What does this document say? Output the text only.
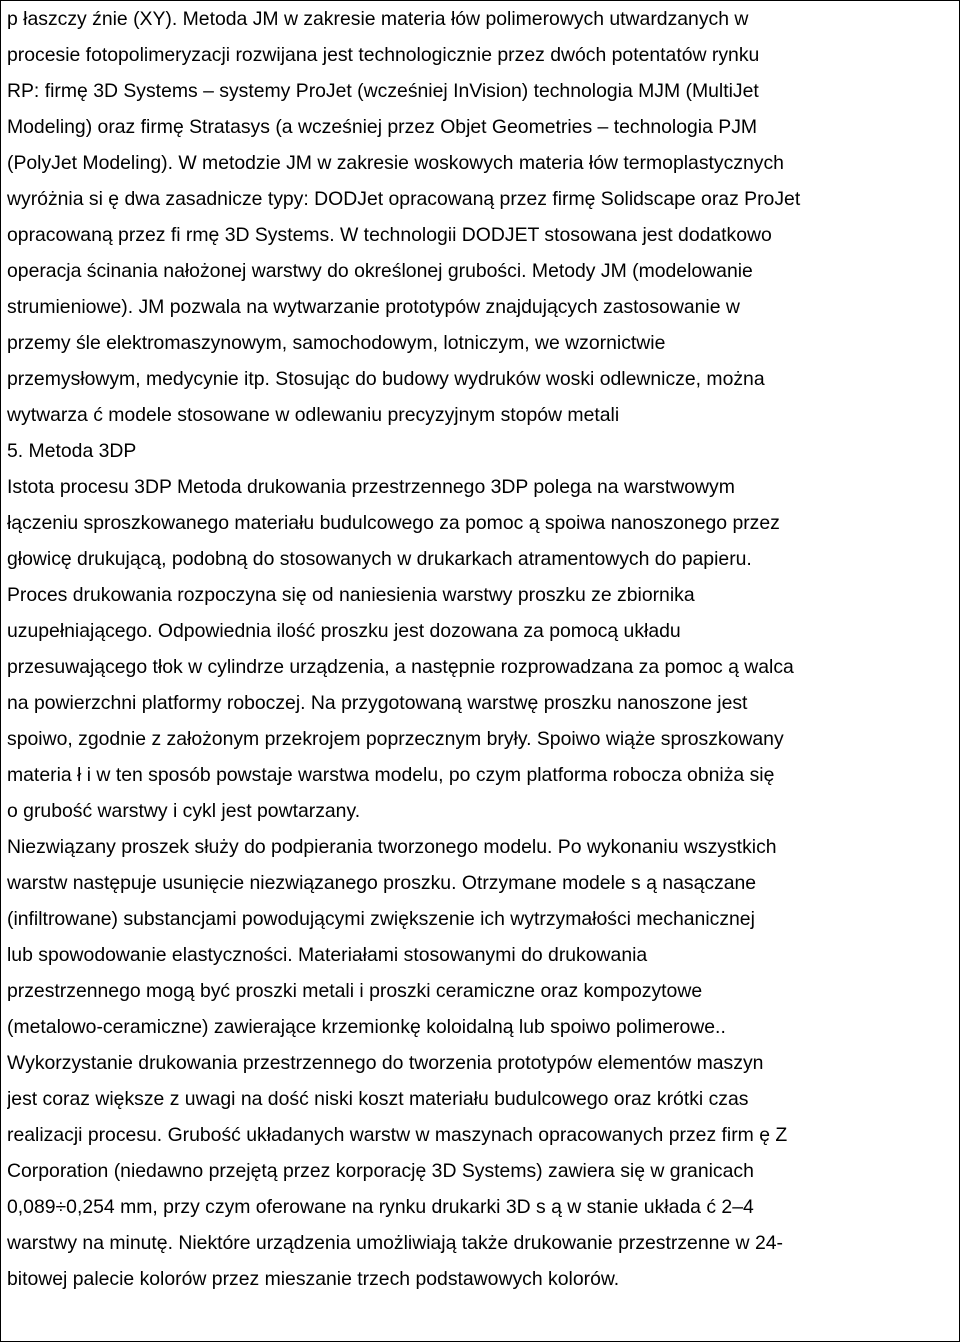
p łaszczy źnie (XY). Metoda JM w zakresie materia łów polimerowych utwardzanych w
procesie fotopolimeryzacji rozwijana jest technologicznie przez dwóch potentatów rynku
RP: firmę 3D Systems – systemy ProJet (wcześniej InVision) technologia MJM (MultiJet
Modeling) oraz firmę Stratasys (a wcześniej przez Objet Geometries – technologia PJM
(PolyJet Modeling). W metodzie JM w zakresie woskowych materia łów termoplastycznych
wyróżnia si ę dwa zasadnicze typy: DODJet opracowaną przez firmę Solidscape oraz ProJet
opracowaną przez fi rmę 3D Systems. W technologii DODJET stosowana jest dodatkowo
operacja ścinania nałożonej warstwy do określonej grubości. Metody JM (modelowanie
strumieniowe). JM pozwala na wytwarzanie prototypów znajdujących zastosowanie w
przemy śle elektromaszynowym, samochodowym, lotniczym, we wzornictwie
przemysłowym, medycynie itp. Stosując do budowy wydruków woski odlewnicze, można
wytwarza ć modele stosowane w odlewaniu precyzyjnym stopów metali
5. Metoda 3DP
Istota procesu 3DP Metoda drukowania przestrzennego 3DP polega na warstwowym
łączeniu sproszkowanego materiału budulcowego za pomoc ą spoiwa nanoszonego przez
głowicę drukującą, podobną do stosowanych w drukarkach atramentowych do papieru.
Proces drukowania rozpoczyna się od naniesienia warstwy proszku ze zbiornika
uzupełniającego. Odpowiednia ilość proszku jest dozowana za pomocą układu
przesuwającego tłok w cylindrze urządzenia, a następnie rozprowadzana za pomoc ą walca
na powierzchni platformy roboczej. Na przygotowaną warstwę proszku nanoszone jest
spoiwo, zgodnie z założonym przekrojem poprzecznym bryły. Spoiwo wiąże sproszkowany
materia ł i w ten sposób powstaje warstwa modelu, po czym platforma robocza obniża się
o grubość warstwy i cykl jest powtarzany.
Niezwiązany proszek służy do podpierania tworzonego modelu. Po wykonaniu wszystkich
warstw następuje usunięcie niezwiązanego proszku. Otrzymane modele s ą nasączane
(infiltrowane) substancjami powodującymi zwiększenie ich wytrzymałości mechanicznej
lub spowodowanie elastyczności. Materiałami stosowanymi do drukowania
przestrzennego mogą być proszki metali i proszki ceramiczne oraz kompozytowe
(metalowo-ceramiczne) zawierające krzemionkę koloidalną lub spoiwo polimerowe..
Wykorzystanie drukowania przestrzennego do tworzenia prototypów elementów maszyn
jest coraz większe z uwagi na dość niski koszt materiału budulcowego oraz krótki czas
realizacji procesu. Grubość układanych warstw w maszynach opracowanych przez firm ę Z
Corporation (niedawno przejętą przez korporację 3D Systems) zawiera się w granicach
0,089÷0,254 mm, przy czym oferowane na rynku drukarki 3D s ą w stanie układa ć 2–4
warstwy na minutę. Niektóre urządzenia umożliwiają także drukowanie przestrzenne w 24-
bitowej palecie kolorów przez mieszanie trzech podstawowych kolorów.
